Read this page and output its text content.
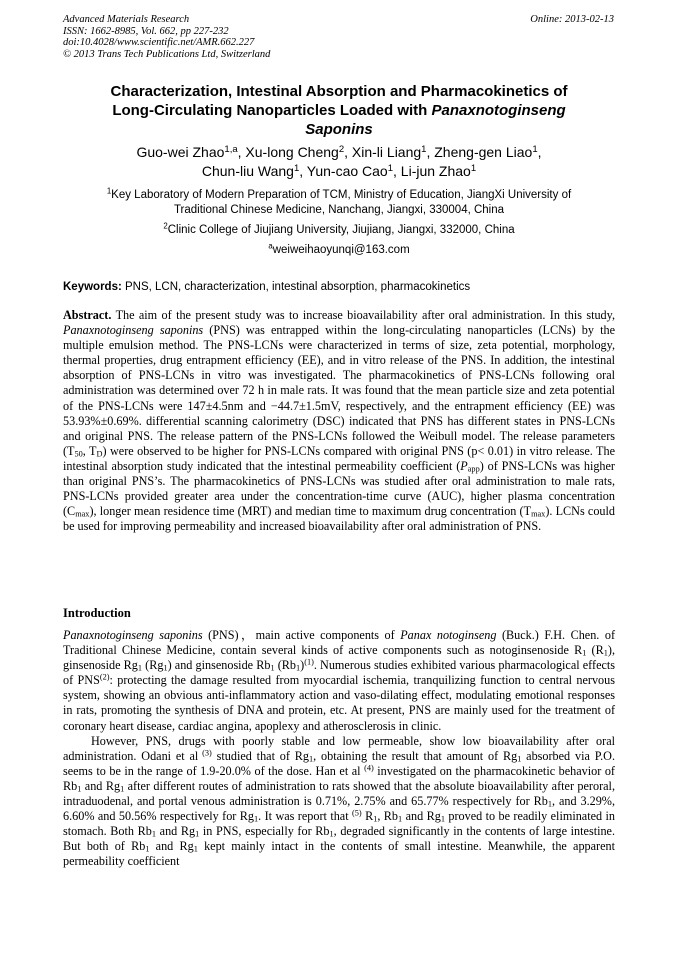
Advanced Materials Research
ISSN: 1662-8985, Vol. 662, pp 227-232
doi:10.4028/www.scientific.net/AMR.662.227
© 2013 Trans Tech Publications Ltd, Switzerland
Online: 2013-02-13
Characterization, Intestinal Absorption and Pharmacokinetics of
Long-Circulating Nanoparticles Loaded with Panaxnotoginseng
Saponins
Guo-wei Zhao$^{1,a}$, Xu-long Cheng$^2$, Xin-li Liang$^1$, Zheng-gen Liao$^1$,
Chun-liu Wang$^1$, Yun-cao Cao$^1$, Li-jun Zhao$^1$
$^1$Key Laboratory of Modern Preparation of TCM, Ministry of Education, JiangXi University of
Traditional Chinese Medicine, Nanchang, Jiangxi, 330004, China
$^2$Clinic College of Jiujiang University, Jiujiang, Jiangxi, 332000, China
$^a$weiweihaoyunqi@163.com
Keywords: PNS, LCN, characterization, intestinal absorption, pharmacokinetics

Abstract. The aim of the present study was to increase bioavailability after oral administration. In this study, Panaxnotoginseng saponins (PNS) was entrapped within the long-circulating nanoparticles (LCNs) by the multiple emulsion method. The PNS-LCNs were characterized in terms of size, zeta potential, morphology, thermal properties, drug entrapment efficiency (EE), and in vitro release of the PNS. In addition, the intestinal absorption of PNS-LCNs in vitro was investigated. The pharmacokinetics of PNS-LCNs following oral administration was determined over 72 h in male rats. It was found that the mean particle size and zeta potential of the PNS-LCNs were 147±4.5nm and −44.7±1.5mV, respectively, and the entrapment efficiency (EE) was 53.93%±0.69%. differential scanning calorimetry (DSC) indicated that PNS has different states in PNS-LCNs and original PNS. The release pattern of the PNS-LCNs followed the Weibull model. The release parameters ($T_{50}$, $T_D$) were observed to be higher for PNS-LCNs compared with original PNS (p< 0.01) in vitro release. The intestinal absorption study indicated that the intestinal permeability coefficient $(P_{app})$ of PNS-LCNs was higher than original PNS’s. The pharmacokinetics of PNS-LCNs was studied after oral administration to male rats, PNS-LCNs provided greater area under the concentration-time curve (AUC), higher plasma concentration $(C_{max})$, longer mean residence time (MRT) and median time to maximum drug concentration $(T_{max})$. LCNs could be used for improving permeability and increased bioavailability after oral administration of PNS.

Introduction

Panaxnotoginseng saponins (PNS)，main active components of Panax notoginseng (Buck.) F.H. Chen. of Traditional Chinese Medicine, contain several kinds of active components such as notoginsenoside $R_1$ $(R_1)$, ginsenoside $Rg_1$ $(Rg_1)$ and ginsenoside $Rb_1$ $(Rb_1)^{(1)}$. Numerous studies exhibited various pharmacological effects of PNS$^{(2)}$: protecting the damage resulted from myocardial ischemia, tranquilizing function to central nervous system, showing an obvious anti-inflammatory action and vaso-dilating effect, modulating emotional responses in rats, promoting the synthesis of DNA and protein, etc. At present, PNS are mainly used for the treatment of coronary heart disease, cardiac angina, apoplexy and atherosclerosis in clinic.

However, PNS, drugs with poorly stable and low permeable, show low bioavailability after oral administration. Odani et al $^{(3)}$ studied that of $Rg_1$, obtaining the result that amount of $Rg_1$ absorbed via P.O. seems to be in the range of 1.9-20.0% of the dose. Han et al $^{(4)}$ investigated on the pharmacokinetic behavior of $Rb_1$ and $Rg_1$ after different routes of administration to rats showed that the absolute bioavailability after peroral, intraduodenal, and portal venous administration is 0.71%, 2.75% and 65.77% respectively for $Rb_1$, and 3.29%, 6.60% and 50.56% respectively for $Rg_1$. It was report that $^{(5)}$ $R_1$, $Rb_1$ and $Rg_1$ proved to be readily eliminated in stomach. Both $Rb_1$ and $Rg_1$ in PNS, especially for $Rb_1$, degraded significantly in the contents of large intestine. But both of $Rb_1$ and $Rg_1$ kept mainly intact in the contents of small intestine. Meanwhile, the apparent permeability coefficient
